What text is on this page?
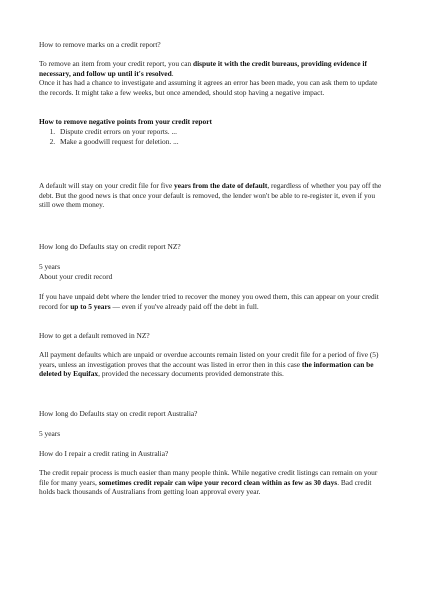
How to remove marks on a credit report?

To remove an item from your credit report, you can dispute it with the credit bureaus, providing evidence if necessary, and follow up until it's resolved.

Once it has had a chance to investigate and assuming it agrees an error has been made, you can ask them to update the records. It might take a few weeks, but once amended, should stop having a negative impact.

How to remove negative points from your credit report

1. Dispute credit errors on your reports. ...
2. Make a goodwill request for deletion. ...

A default will stay on your credit file for five years from the date of default, regardless of whether you pay off the debt. But the good news is that once your default is removed, the lender won't be able to re-register it, even if you still owe them money.

How long do Defaults stay on credit report NZ?

5 years

About your credit record

If you have unpaid debt where the lender tried to recover the money you owed them, this can appear on your credit record for up to 5 years — even if you've already paid off the debt in full.

How to get a default removed in NZ?

All payment defaults which are unpaid or overdue accounts remain listed on your credit file for a period of five (5) years, unless an investigation proves that the account was listed in error then in this case the information can be deleted by Equifax, provided the necessary documents provided demonstrate this.

How long do Defaults stay on credit report Australia?

5 years

How do I repair a credit rating in Australia?

The credit repair process is much easier than many people think. While negative credit listings can remain on your file for many years, sometimes credit repair can wipe your record clean within as few as 30 days. Bad credit holds back thousands of Australians from getting loan approval every year.
